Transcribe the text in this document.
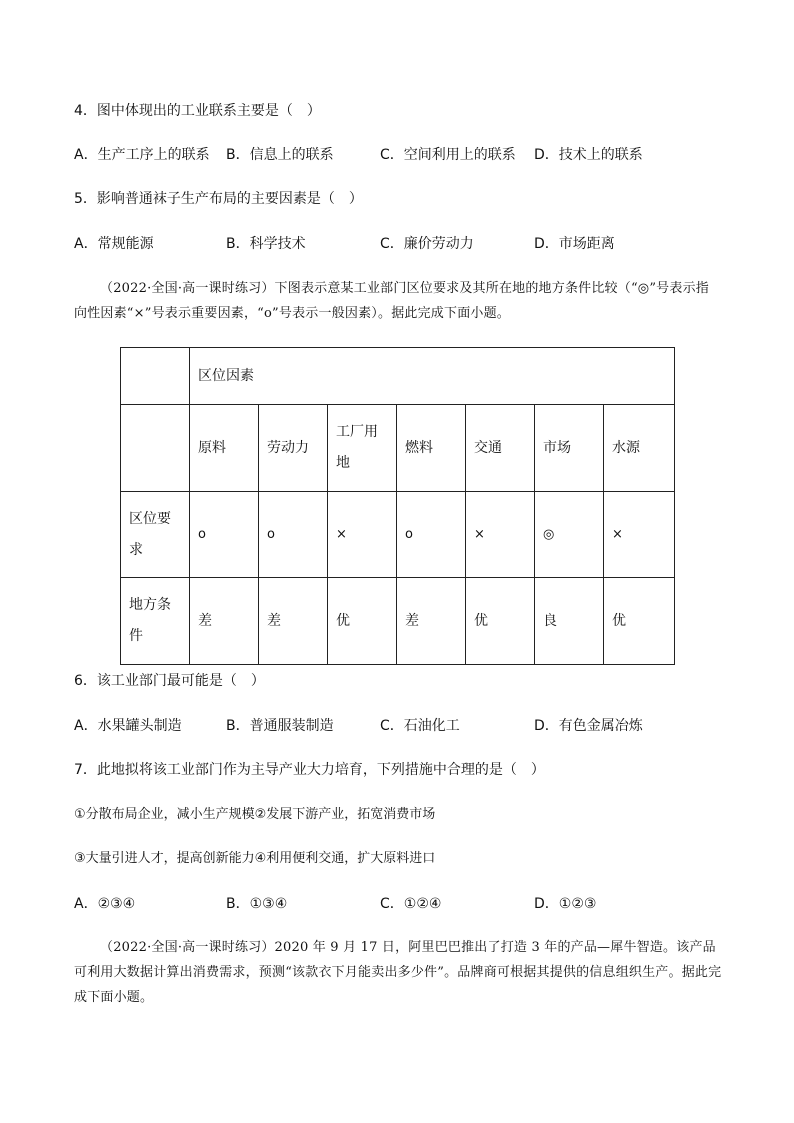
4．图中体现出的工业联系主要是（　）
A．生产工序上的联系 B．信息上的联系	C．空间利用上的联系 D．技术上的联系
5．影响普通袜子生产布局的主要因素是（　）
A．常规能源	B．科学技术	C．廉价劳动力	D．市场距离
（2022·全国·高一课时练习）下图表示意某工业部门区位要求及其所在地的地方条件比较（“◎”号表示指向性因素“×”号表示重要因素，“o”号表示一般因素）。据此完成下面小题。
	区位因素						
	原料	劳动力	工厂用地	燃料	交通	市场	水源
区位要求	o	o	×	o	×	◎	×
地方条件	差	差	优	差	优	良	优
6．该工业部门最可能是（　）
A．水果罐头制造	B．普通服装制造	C．石油化工	D．有色金属冶炼
7．此地拟将该工业部门作为主导产业大力培育，下列措施中合理的是（　）
①分散布局企业，减小生产规模②发展下游产业，拓宽消费市场
③大量引进人才，提高创新能力④利用便利交通，扩大原料进口
A．②③④	B．①③④	C．①②④	D．①②③
（2022·全国·高一课时练习）2020 年 9 月 17 日，阿里巴巴推出了打造 3 年的产品—犀牛智造。该产品可利用大数据计算出消费需求，预测“该款衣下月能卖出多少件”。品牌商可根据其提供的信息组织生产。据此完成下面小题。
